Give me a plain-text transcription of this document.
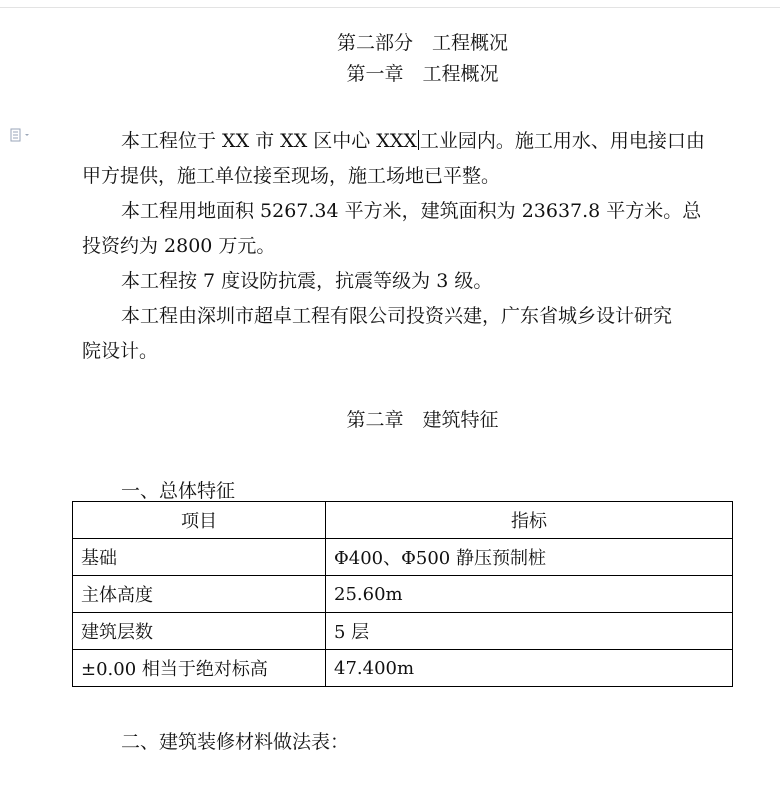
第二部分　工程概况
第一章　工程概况
本工程位于 XX 市 XX 区中心 XXX 工业园内。施工用水、用电接口由
甲方提供，施工单位接至现场，施工场地已平整。
本工程用地面积 5267.34 平方米，建筑面积为 23637.8 平方米。总
投资约为 2800 万元。
本工程按 7 度设防抗震，抗震等级为 3 级。
本工程由深圳市超卓工程有限公司投资兴建，广东省城乡设计研究
院设计。
第二章　建筑特征
一、总体特征
项目	指标
基础	Φ400、Φ500 静压预制桩
主体高度	25.60m
建筑层数	5 层
±0.00 相当于绝对标高	47.400m
二、建筑装修材料做法表：
